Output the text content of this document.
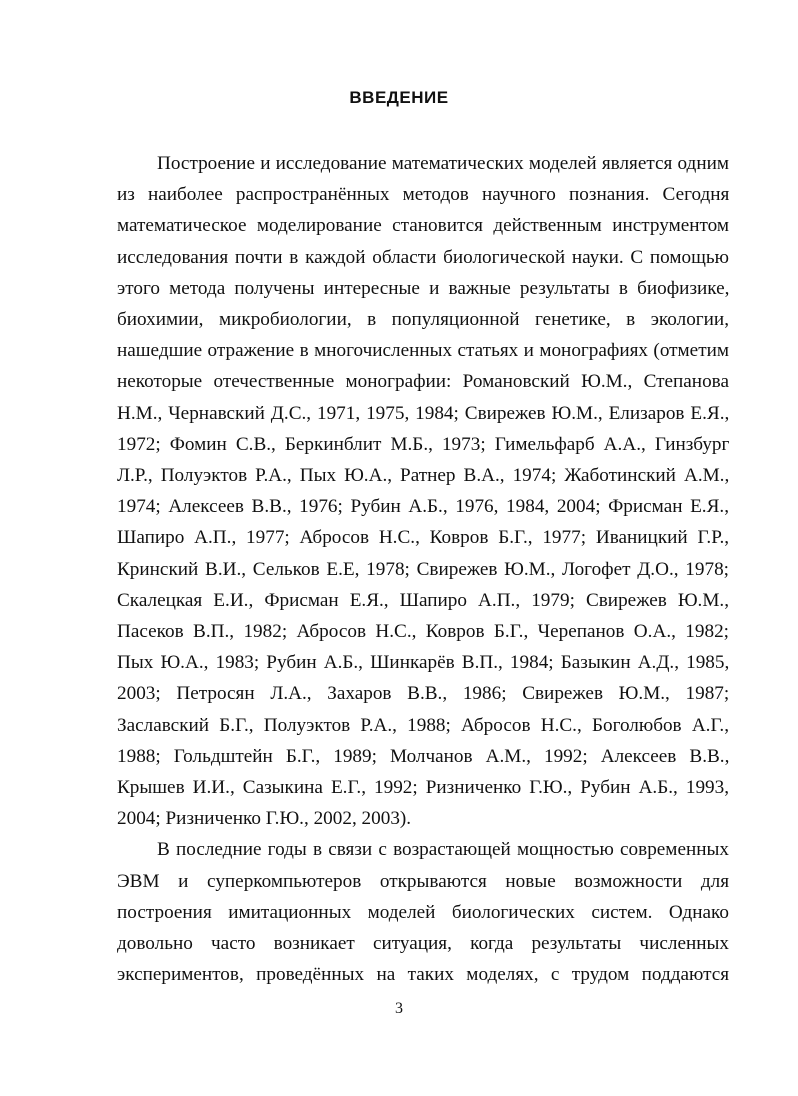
ВВЕДЕНИЕ
Построение и исследование математических моделей является одним
из наиболее распространённых методов научного познания. Сегодня
математическое моделирование становится действенным инструментом
исследования почти в каждой области биологической науки. С помощью
этого метода получены интересные и важные результаты в биофизике,
биохимии, микробиологии, в популяционной генетике, в экологии,
нашедшие отражение в многочисленных статьях и монографиях (отметим
некоторые отечественные монографии: Романовский Ю.М., Степанова
Н.М., Чернавский Д.С., 1971, 1975, 1984; Свирежев Ю.М., Елизаров Е.Я.,
1972; Фомин С.В., Беркинблит М.Б., 1973; Гимельфарб А.А., Гинзбург
Л.Р., Полуэктов Р.А., Пых Ю.А., Ратнер В.А., 1974; Жаботинский А.М.,
1974; Алексеев В.В., 1976; Рубин А.Б., 1976, 1984, 2004; Фрисман Е.Я.,
Шапиро А.П., 1977; Абросов Н.С., Ковров Б.Г., 1977; Иваницкий Г.Р.,
Кринский В.И., Сельков Е.Е, 1978; Свирежев Ю.М., Логофет Д.О., 1978;
Скалецкая Е.И., Фрисман Е.Я., Шапиро А.П., 1979; Свирежев Ю.М.,
Пасеков В.П., 1982; Абросов Н.С., Ковров Б.Г., Черепанов О.А., 1982;
Пых Ю.А., 1983; Рубин А.Б., Шинкарёв В.П., 1984; Базыкин А.Д., 1985,
2003; Петросян Л.А., Захаров В.В., 1986; Свирежев Ю.М., 1987;
Заславский Б.Г., Полуэктов Р.А., 1988; Абросов Н.С., Боголюбов А.Г.,
1988; Гольдштейн Б.Г., 1989; Молчанов А.М., 1992; Алексеев В.В.,
Крышев И.И., Сазыкина Е.Г., 1992; Ризниченко Г.Ю., Рубин А.Б., 1993,
2004; Ризниченко Г.Ю., 2002, 2003).
В последние годы в связи с возрастающей мощностью современных
ЭВМ и суперкомпьютеров открываются новые возможности для
построения имитационных моделей биологических систем. Однако
довольно часто возникает ситуация, когда результаты численных
экспериментов, проведённых на таких моделях, с трудом поддаются
3
